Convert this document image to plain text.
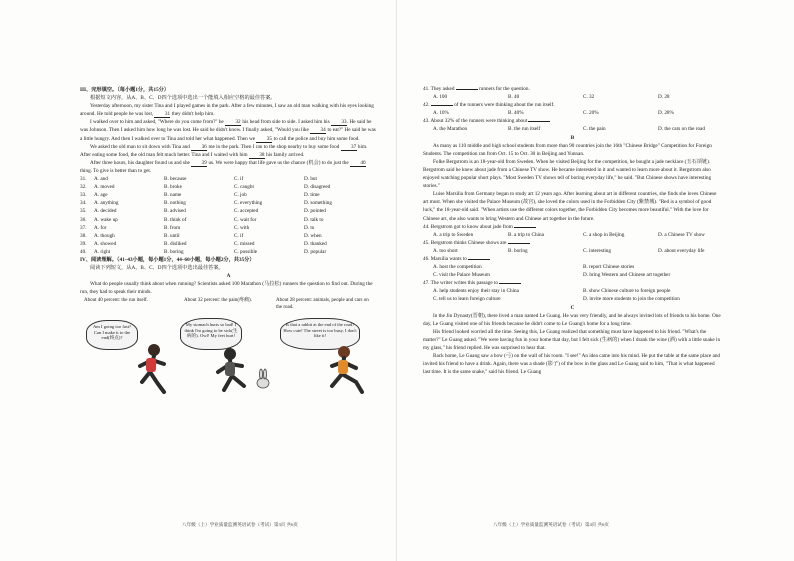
III、完形填空。（每小题1分，共15分）

根据短文内容，从A、B、C、D四个选项中选出一个能填入相应空格的最佳答案。

Yesterday afternoon, my sister Tina and I played games in the park. After a few minutes, I saw an old man walking with his eyes looking around. He told people he was lost, 31 they didn't help him.

I walked over to him and asked, "Where do you come from?" he 32 his head from side to side. I asked him his 33. He said he was Johnson. Then I asked him how long he was lost. He said he didn't know. I finally asked, "Would you like 34 to eat?" He said he was a little hungry. And then I walked over to Tina and told her what happened. Then we 35 to call the police and buy him some food.

We asked the old man to sit down with Tina and 36 me in the park. Then I ran to the shop nearby to buy some food 37 him. After eating some food, the old man felt much better. Tina and I waited with him 38 his family arrived.

After three hours, his daughter found us and she 39 us. We were happy that life gave us the chance (机会) to do just the 40 thing. To give is better than to get.

31.	A. and	B. because	C. if	D. but
32.	A. moved	B. broke	C. caught	D. disagreed
33.	A. age	B. name	C. job	D. time
34.	A. anything	B. nothing	C. everything	D. something
35.	A. decided	B. advised	C. accepted	D. pointed
36.	A. wake up	B. think of	C. wait for	D. talk to
37.	A. for	B. from	C. with	D. to
38.	A. though	B. until	C. if	D. when
39.	A. showed	B. disliked	C. missed	D. thanked
40.	A. right	B. boring	C. possible	D. popular

IV、阅读理解。（41~43小题，每小题1分，44~60小题，每小题2分，共35分）

阅读下列短文，从A、B、C、D四个选项中选出最佳答案。

A

What do people usually think about when running? Scientists asked 100 Marathon (马拉松) runners the question to find out. During the run, they had to speak their minds.

About 40 percent: the run itself.	About 32 percent: the pain(疼痛).	About 28 percent: animals, people and cars on the road.
Am I going too fast? Can I make it to the end(终点)?
My stomach hurts so bad! I think I'm going to be sick(生病的). Owl! My feet hurt!
Is that a rabbit at the end of the road? How cute! The street is too busy, I don't like it!
八年级（上）学业质量监测英语试卷（考试）第3页 共6页

41. They asked	runners for the question.

A. 100	B. 40	C. 32	D. 28

42.	of the runners were thinking about the run itself.

A. 10%	B. 40%	C. 20%	D. 28%

43. About 32% of the runners were thinking about

A. the Marathon	B. the run itself	C. the pain	D. the cars on the road

B

As many as 110 middle and high school students from more than 90 countries join the 16th "Chinese Bridge" Competition for Foreign Students. The competition ran from Oct. 15 to Oct. 30 in Beijing and Yunnan.

Folke Bergstrom is an 18-year-old from Sweden. When he visited Beijing for the competition, he bought a jade necklace (玉石项链). Bergstrom said he knew about jade from a Chinese TV show. He became interested in it and wanted to learn more about it. Bergstrom also enjoyed watching popular short plays. "Most Sweden TV shows tell of boring everyday life," he said. "But Chinese shows have interesting stories."

Luise Marsilia from Germany began to study art 12 years ago. After learning about art in different countries, she finds she loves Chinese art most. When she visited the Palace Museum (故宫), she loved the colors used in the Forbidden City (紫禁城). "Red is a symbol of good luck," the 18-year-old said. "When artists use the different colors together, the Forbidden City becomes more beautiful." With the love for Chinese art, she also wants to bring Western and Chinese art together in the future.

44. Bergstrom got to know about jade from

A. a trip to Sweden	B. a trip to China	C. a shop in Beijing	D. a Chinese TV show

45. Bergstrom thinks Chinese shows are

A. too short	B. boring	C. interesting	D. about everyday life

46. Marsilia wants to

A. host the competition	B. report Chinese stories
C. visit the Palace Museum	D. bring Western and Chinese art together

47. The writer writes this passage to

A. help students enjoy their stay in China	B. show Chinese culture to foreign people
C. tell us to learn foreign culture	D. invite more students to join the competition

C

In the Jin Dynasty(晋朝), there lived a man named Le Guang. He was very friendly, and he always invited lots of friends to his home. One day, Le Guang visited one of his friends because he didn't come to Le Guang's home for a long time.

His friend looked worried all the time. Seeing this, Le Guang realized that something must have happened to his friend. "What's the matter?" Le Guang asked. "We were having fun in your home that day, but I felt sick (生病的) when I drank the wine (酒) with a little snake in my glass," his friend replied. He was surprised to hear that.

Back home, Le Guang saw a bow (弓) on the wall of his room. "I see!" An idea came into his mind. He put the table at the same place and invited his friend to have a drink. Again, there was a shade (影子) of the bow in the glass and Le Guang said to him, "That is what happened last time. It is the same snake," said his friend. Le Guang

八年级（上）学业质量监测英语试卷（考试）第4页 共6页
